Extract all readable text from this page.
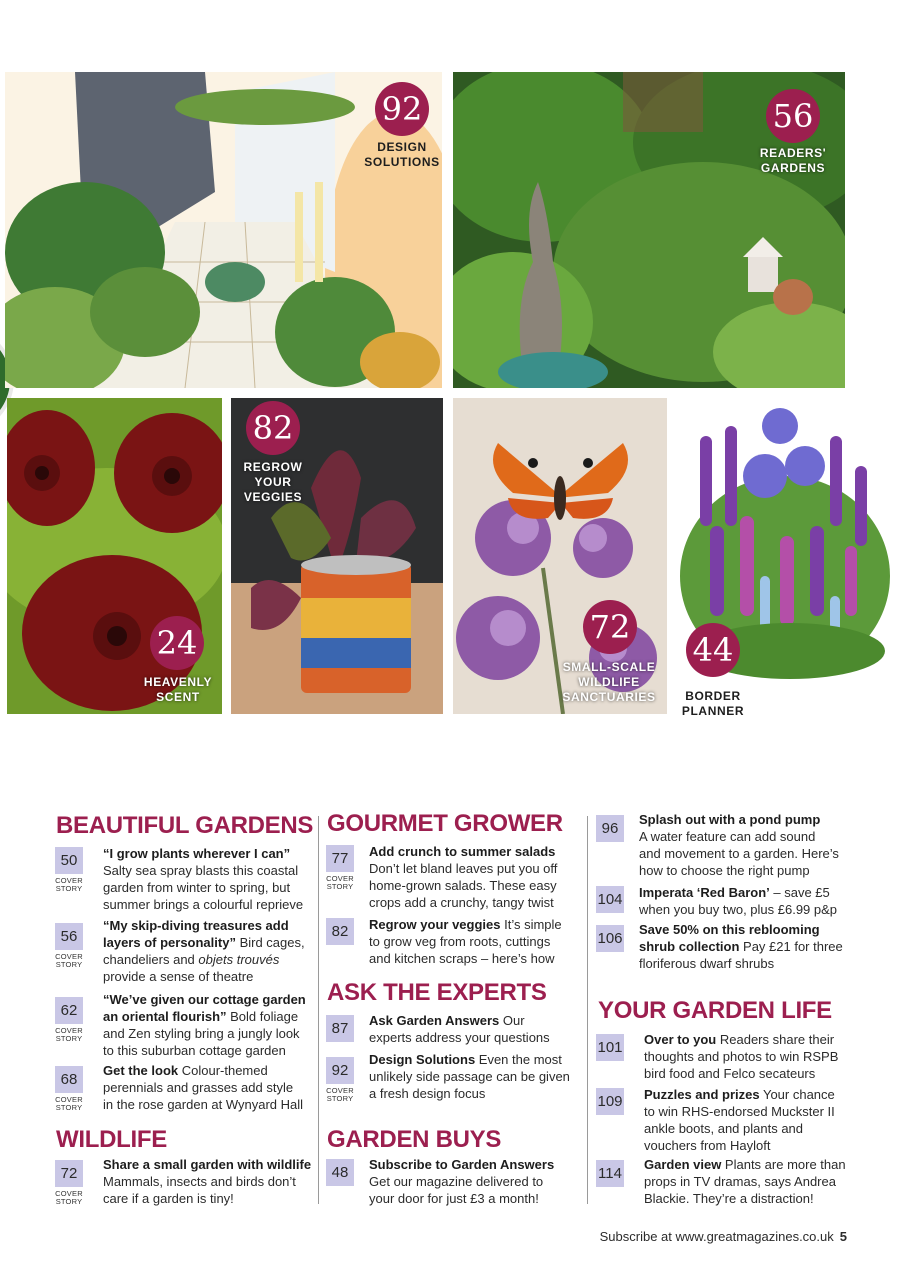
92
DESIGN
SOLUTIONS
56
READERS'
GARDENS
24
HEAVENLY
SCENT
82
REGROW
YOUR
VEGGIES
72
SMALL-SCALE
WILDLIFE
SANCTUARIES
44
BORDER
PLANNER
BEAUTIFUL GARDENS
50
COVER STORY
“I grow plants wherever I can”
Salty sea spray blasts this coastal
garden from winter to spring, but
summer brings a colourful reprieve
56
COVER STORY
“My skip-diving treasures add
layers of personality” Bird cages,
chandeliers and objets trouvés
provide a sense of theatre
62
COVER STORY
“We’ve given our cottage garden
an oriental flourish” Bold foliage
and Zen styling bring a jungly look
to this suburban cottage garden
68
COVER STORY
Get the look Colour-themed
perennials and grasses add style
in the rose garden at Wynyard Hall
WILDLIFE
72
COVER STORY
Share a small garden with wildlife
Mammals, insects and birds don’t
care if a garden is tiny!
GOURMET GROWER
77
COVER STORY
Add crunch to summer salads
Don’t let bland leaves put you off
home-grown salads. These easy
crops add a crunchy, tangy twist
82	Regrow your veggies It’s simple
to grow veg from roots, cuttings
and kitchen scraps – here’s how
ASK THE EXPERTS
87	Ask Garden Answers Our
experts address your questions
92
COVER STORY
Design Solutions Even the most
unlikely side passage can be given
a fresh design focus
GARDEN BUYS
48	Subscribe to Garden Answers
Get our magazine delivered to
your door for just £3 a month!
96
Splash out with a pond pump
A water feature can add sound
and movement to a garden. Here’s
how to choose the right pump
104 Imperata ‘Red Baron’ – save £5
when you buy two, plus £6.99 p&p
106
Save 50% on this reblooming
shrub collection Pay £21 for three
floriferous dwarf shrubs
YOUR GARDEN LIFE
101 Over to you Readers share their
thoughts and photos to win RSPB
bird food and Felco secateurs
109 Puzzles and prizes Your chance
to win RHS-endorsed Muckster II
ankle boots, and plants and
vouchers from Hayloft
114
Garden view Plants are more than
props in TV dramas, says Andrea
Blackie. They’re a distraction!
Subscribe at www.greatmagazines.co.uk 5
